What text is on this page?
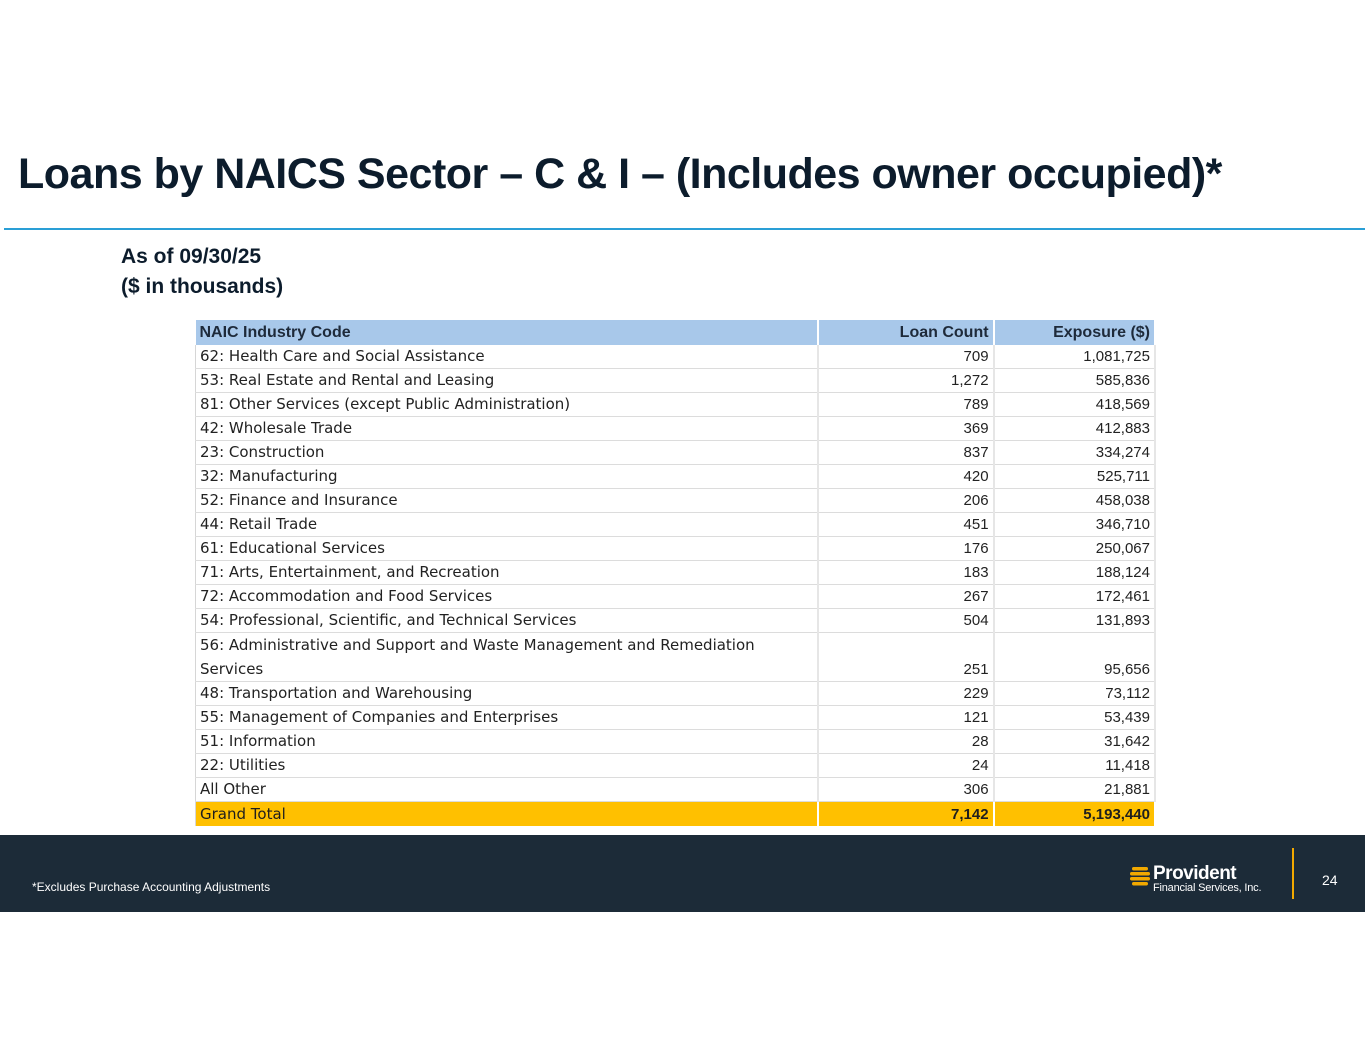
Loans by NAICS Sector – C & I – (Includes owner occupied)*
As of 09/30/25
($ in thousands)
NAIC Industry Code	Loan Count	Exposure ($)
62: Health Care and Social Assistance	709	1,081,725
53: Real Estate and Rental and Leasing	1,272	585,836
81: Other Services (except Public Administration)	789	418,569
42: Wholesale Trade	369	412,883
23: Construction	837	334,274
32: Manufacturing	420	525,711
52: Finance and Insurance	206	458,038
44: Retail Trade	451	346,710
61: Educational Services	176	250,067
71: Arts, Entertainment, and Recreation	183	188,124
72: Accommodation and Food Services	267	172,461
54: Professional, Scientific, and Technical Services	504	131,893
56: Administrative and Support and Waste Management and Remediation Services	251	95,656
48: Transportation and Warehousing	229	73,112
55: Management of Companies and Enterprises	121	53,439
51: Information	28	31,642
22: Utilities	24	11,418
All Other	306	21,881
Grand Total	7,142	5,193,440
*Excludes Purchase Accounting Adjustments
Provident
Financial Services, Inc.	24
